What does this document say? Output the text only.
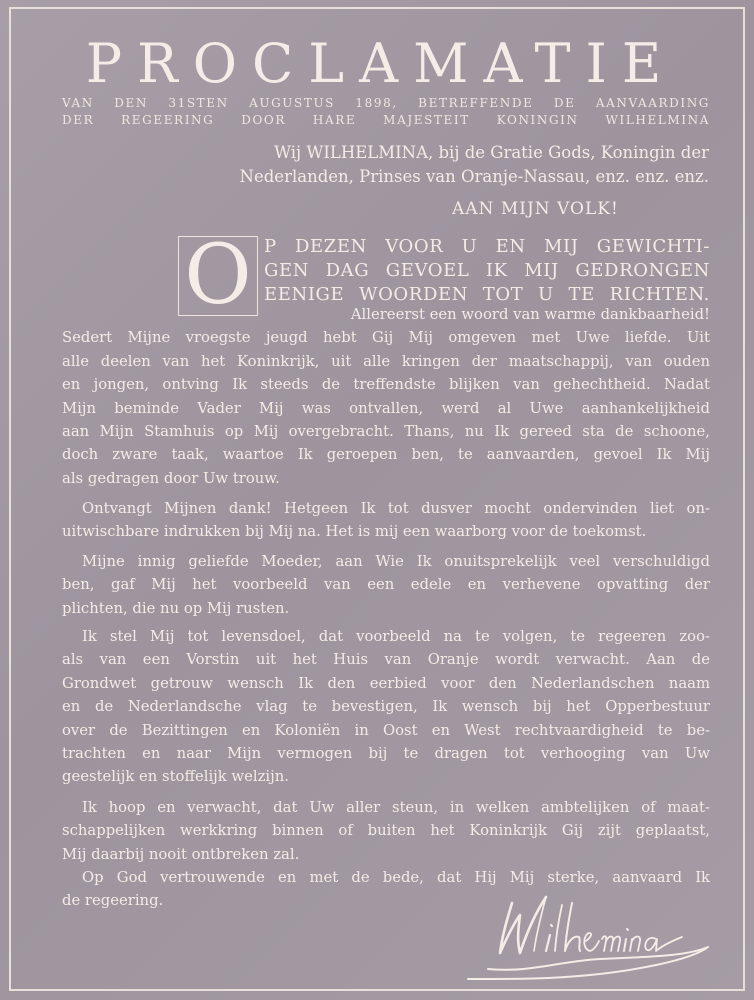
PROCLAMATIE
VAN DEN 31STEN AUGUSTUS 1898, BETREFFENDE DE AANVAARDING
DER REGEERING DOOR HARE MAJESTEIT KONINGIN WILHELMINA
Wij WILHELMINA, bij de Gratie Gods, Koningin der
Nederlanden, Prinses van Oranje-Nassau, enz. enz. enz.
AAN MIJN VOLK!
O P DEZEN VOOR U EN MIJ GEWICHTI-
GEN DAG GEVOEL IK MIJ GEDRONGEN
EENIGE WOORDEN TOT U TE RICHTEN.
Allereerst een woord van warme dankbaarheid!
Sedert Mijne vroegste jeugd hebt Gij Mij omgeven met Uwe liefde. Uit
alle deelen van het Koninkrijk, uit alle kringen der maatschappij, van ouden
en jongen, ontving Ik steeds de treffendste blijken van gehechtheid. Nadat
Mijn beminde Vader Mij was ontvallen, werd al Uwe aanhankelijkheid
aan Mijn Stamhuis op Mij overgebracht. Thans, nu Ik gereed sta de schoone,
doch zware taak, waartoe Ik geroepen ben, te aanvaarden, gevoel Ik Mij
als gedragen door Uw trouw.
Ontvangt Mijnen dank! Hetgeen Ik tot dusver mocht ondervinden liet on-
uitwischbare indrukken bij Mij na. Het is mij een waarborg voor de toekomst.
Mijne innig geliefde Moeder, aan Wie Ik onuitsprekelijk veel verschuldigd
ben, gaf Mij het voorbeeld van een edele en verhevene opvatting der
plichten, die nu op Mij rusten.
Ik stel Mij tot levensdoel, dat voorbeeld na te volgen, te regeeren zoo-
als van een Vorstin uit het Huis van Oranje wordt verwacht. Aan de
Grondwet getrouw wensch Ik den eerbied voor den Nederlandschen naam
en de Nederlandsche vlag te bevestigen, Ik wensch bij het Opperbestuur
over de Bezittingen en Koloniën in Oost en West rechtvaardigheid te be-
trachten en naar Mijn vermogen bij te dragen tot verhooging van Uw
geestelijk en stoffelijk welzijn.
Ik hoop en verwacht, dat Uw aller steun, in welken ambtelijken of maat-
schappelijken werkkring binnen of buiten het Koninkrijk Gij zijt geplaatst,
Mij daarbij nooit ontbreken zal.
Op God vertrouwende en met de bede, dat Hij Mij sterke, aanvaard Ik
de regeering.
